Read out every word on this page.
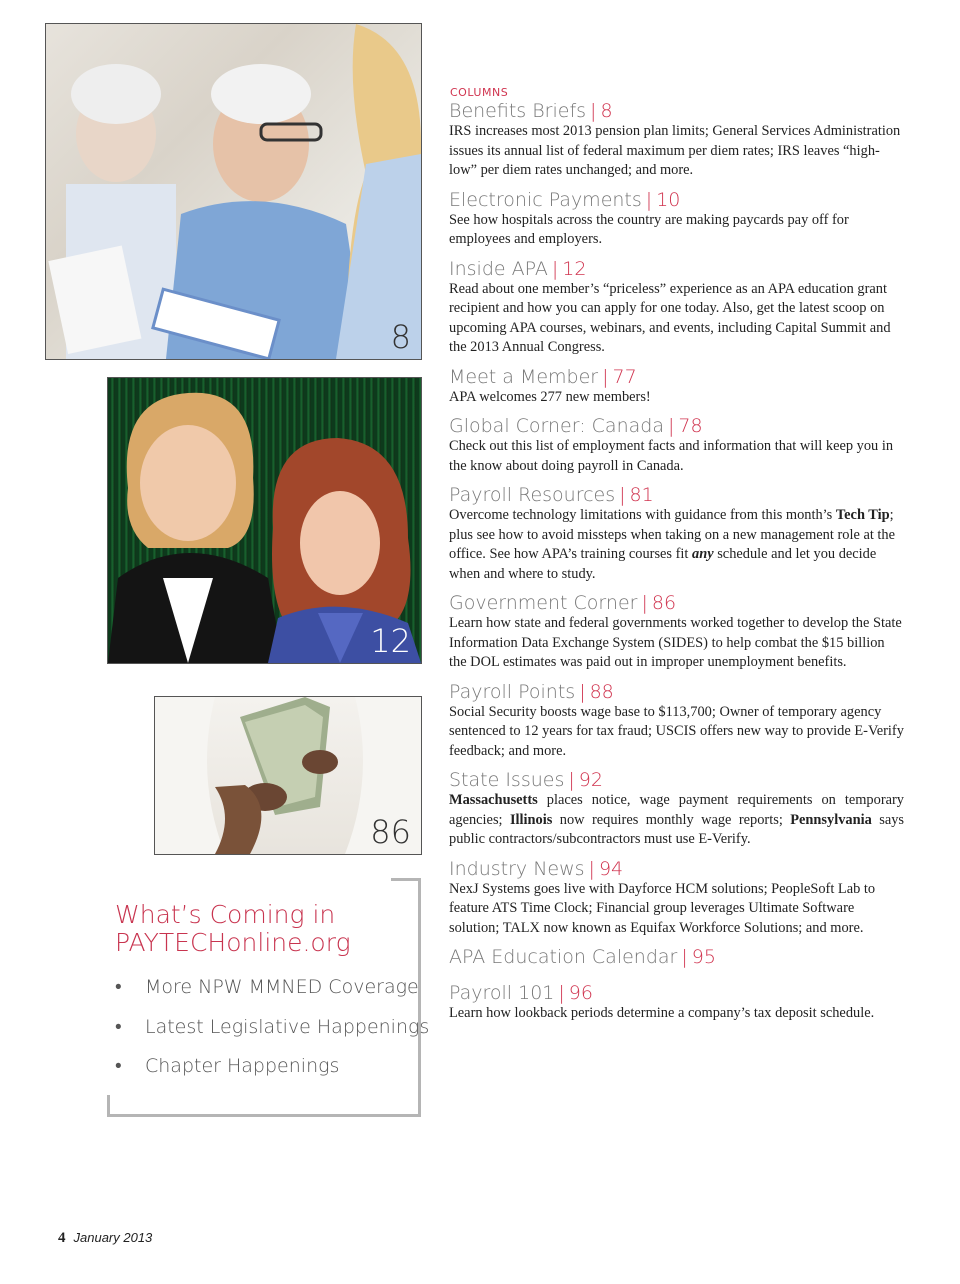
8
12
86
COLUMNS
Benefits Briefs | 8
IRS increases most 2013 pension plan limits; General Services Administration issues its annual list of federal maximum per diem rates; IRS leaves “high-low” per diem rates unchanged; and more.
Electronic Payments | 10
See how hospitals across the country are making paycards pay off for employees and employers.
Inside APA | 12
Read about one member’s “priceless” experience as an APA education grant recipient and how you can apply for one today. Also, get the latest scoop on upcoming APA courses, webinars, and events, including Capital Summit and the 2013 Annual Congress.
Meet a Member | 77
APA welcomes 277 new members!
Global Corner: Canada | 78
Check out this list of employment facts and information that will keep you in the know about doing payroll in Canada.
Payroll Resources | 81
Overcome technology limitations with guidance from this month’s Tech Tip; plus see how to avoid missteps when taking on a new management role at the office. See how APA’s training courses fit any schedule and let you decide when and where to study.
Government Corner | 86
Learn how state and federal governments worked together to develop the State Information Data Exchange System (SIDES) to help combat the $15 billion the DOL estimates was paid out in improper unemployment benefits.
Payroll Points | 88
Social Security boosts wage base to $113,700; Owner of temporary agency sentenced to 12 years for tax fraud; USCIS offers new way to provide E-Verify feedback; and more.
State Issues | 92
Massachusetts places notice, wage payment requirements on temporary agencies; Illinois now requires monthly wage reports; Pennsylvania says public contractors/subcontractors must use E-Verify.
Industry News | 94
NexJ Systems goes live with Dayforce HCM solutions; PeopleSoft Lab to feature ATS Time Clock; Financial group leverages Ultimate Software solution; TALX now known as Equifax Workforce Solutions; and more.
APA Education Calendar | 95
Payroll 101 | 96
Learn how lookback periods determine a company’s tax deposit schedule.
What’s Coming in
PAYTECHonline.org
• More NPW MMNED Coverage
• Latest Legislative Happenings
• Chapter Happenings
4 January 2013
